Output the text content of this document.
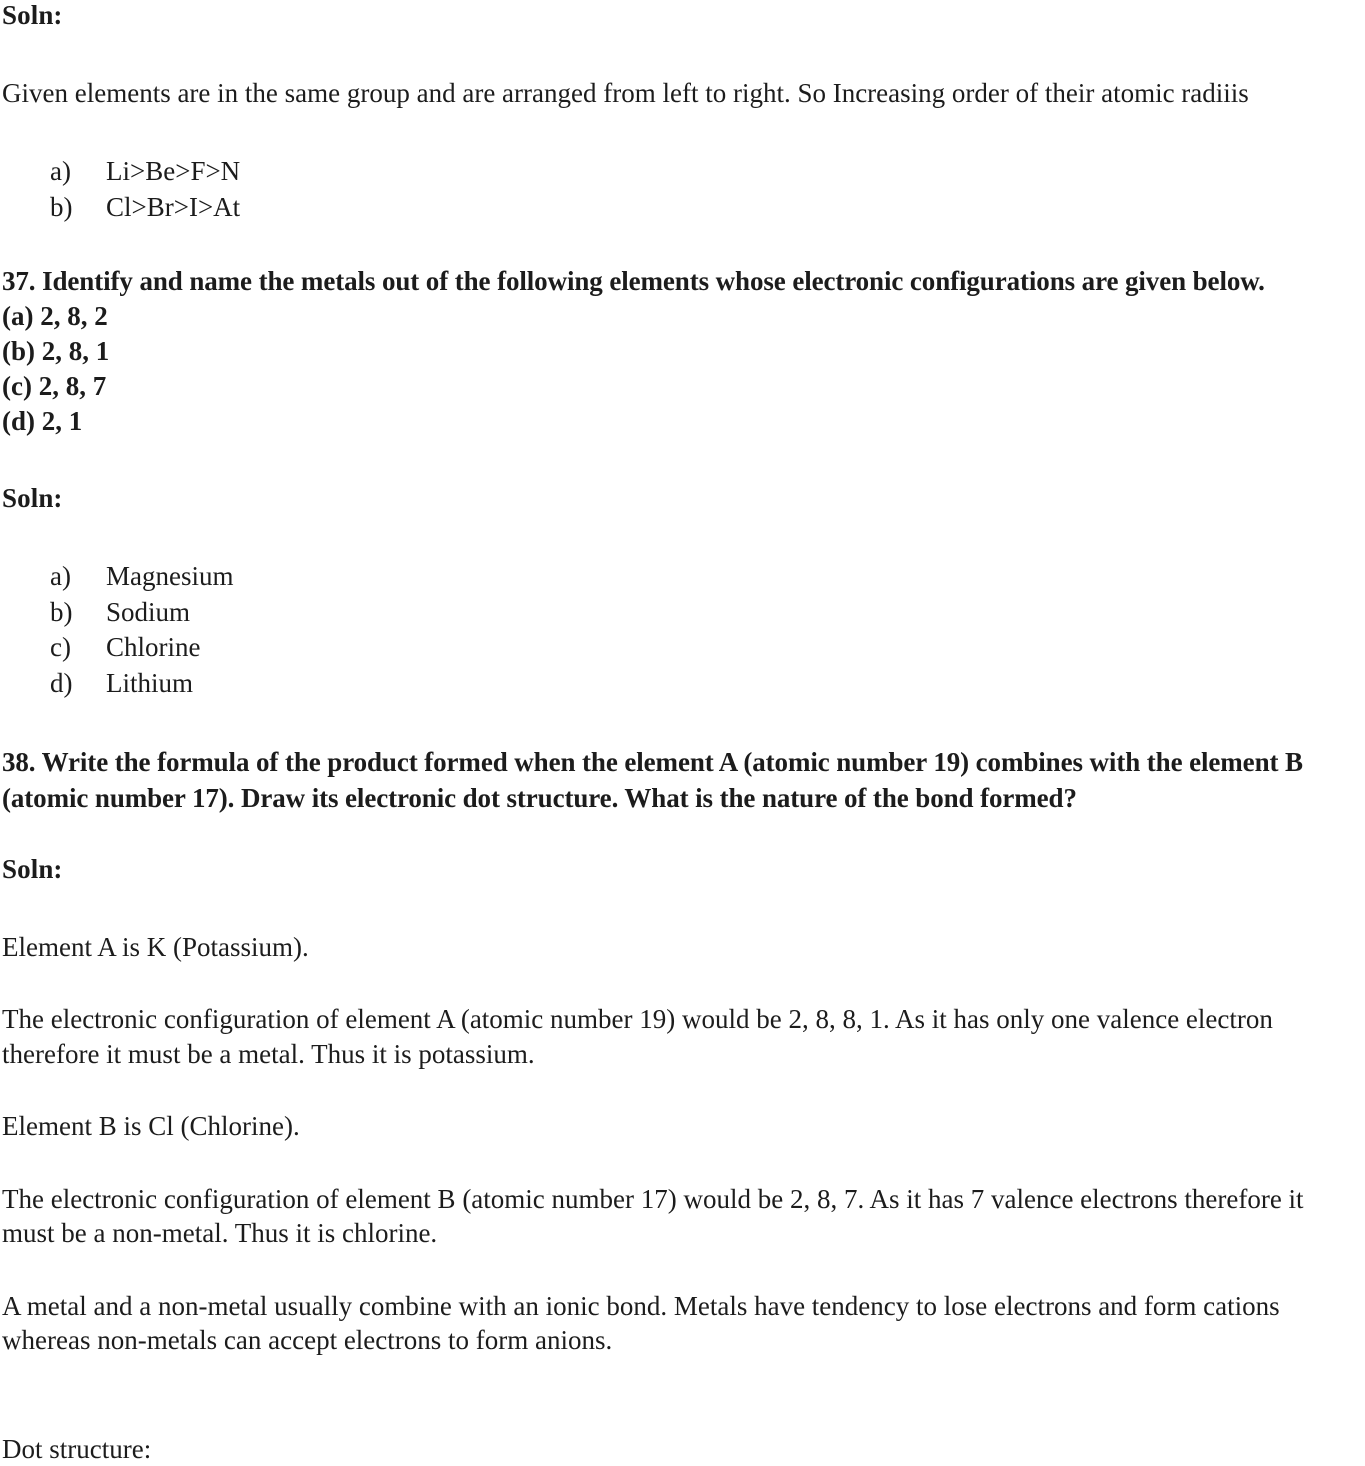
Soln:
Given elements are in the same group and are arranged from left to right. So Increasing order of their atomic radiiis
a)	Li>Be>F>N
b)	Cl>Br>I>At
37. Identify and name the metals out of the following elements whose electronic configurations are given below.
(a) 2, 8, 2
(b) 2, 8, 1
(c) 2, 8, 7
(d) 2, 1
Soln:
a)	Magnesium
b)	Sodium
c)	Chlorine
d)	Lithium
38. Write the formula of the product formed when the element A (atomic number 19) combines with the element B (atomic number 17). Draw its electronic dot structure. What is the nature of the bond formed?
Soln:
Element A is K (Potassium).
The electronic configuration of element A (atomic number 19) would be 2, 8, 8, 1. As it has only one valence electron therefore it must be a metal. Thus it is potassium.
Element B is Cl (Chlorine).
The electronic configuration of element B (atomic number 17) would be 2, 8, 7. As it has 7 valence electrons therefore it must be a non-metal. Thus it is chlorine.
A metal and a non-metal usually combine with an ionic bond. Metals have tendency to lose electrons and form cations whereas non-metals can accept electrons to form anions.
Dot structure:
